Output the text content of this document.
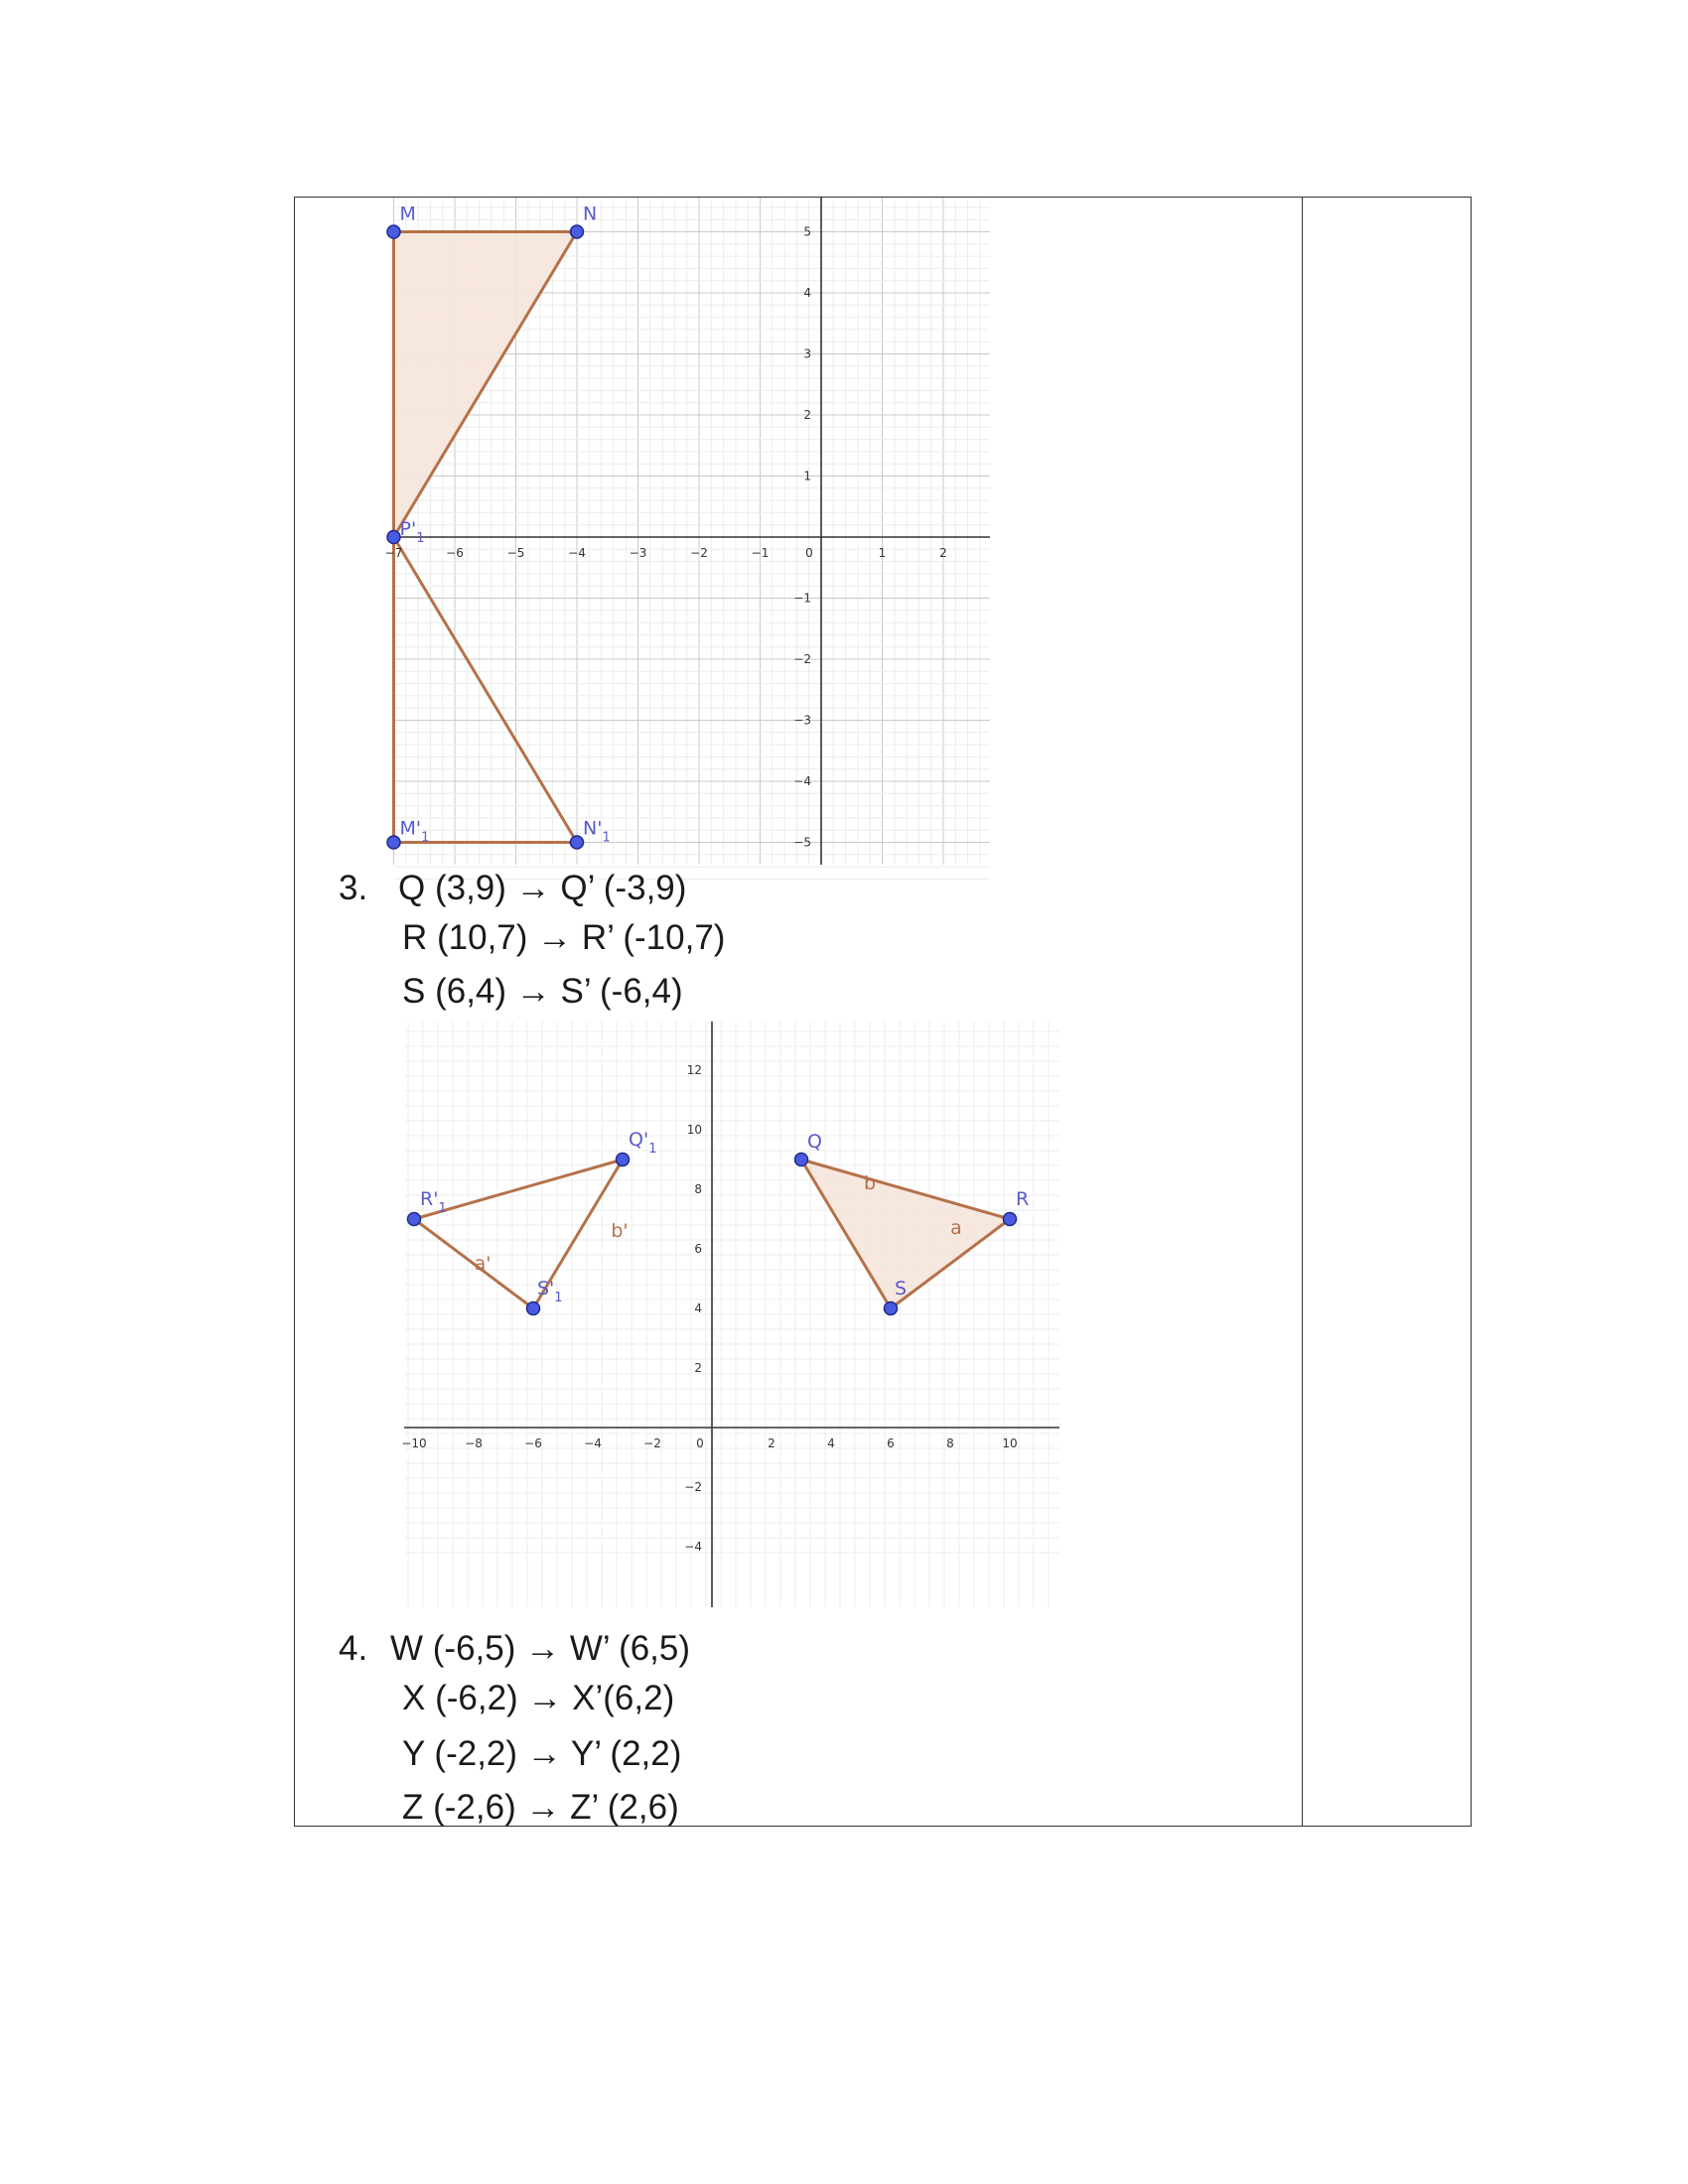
−7	−6	−5	−4	−3	−2	−1	0	1	2
5
4
3
2
1
−1
−2
−3
−4
−5
M	N
$P'_1$
$M'_1$	$N'_1$
3. Q (3,9) → Q’ (-3,9)
R (10,7) → R’ (-10,7)
S (6,4) → S’ (-6,4)
−10	−8	−6	−4	−2	0	2	4	6	8	10
12
10
8
6
4
2
−2
−4
b
a
b'
a'
Q
R
S
$Q'_1$
$R'_1$
$S'_1$
4. W (-6,5) → W’ (6,5)
X (-6,2) → X’(6,2)
Y (-2,2) → Y’ (2,2)
Z (-2,6) → Z’ (2,6)
